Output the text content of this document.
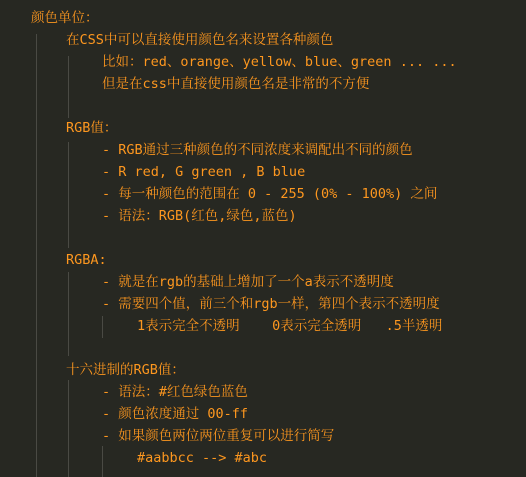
颜色单位：
在CSS中可以直接使用颜色名来设置各种颜色
比如：red、orange、yellow、blue、green ... ...
但是在css中直接使用颜色名是非常的不方便
RGB值：
- RGB通过三种颜色的不同浓度来调配出不同的颜色
- R red, G green , B blue
- 每一种颜色的范围在 0 - 255 (0% - 100%) 之间
- 语法：RGB(红色,绿色,蓝色)
RGBA:
- 就是在rgb的基础上增加了一个a表示不透明度
- 需要四个值，前三个和rgb一样，第四个表示不透明度
1表示完全不透明    0表示完全透明   .5半透明
十六进制的RGB值：
- 语法：#红色绿色蓝色
- 颜色浓度通过 00-ff
- 如果颜色两位两位重复可以进行简写
#aabbcc --> #abc
